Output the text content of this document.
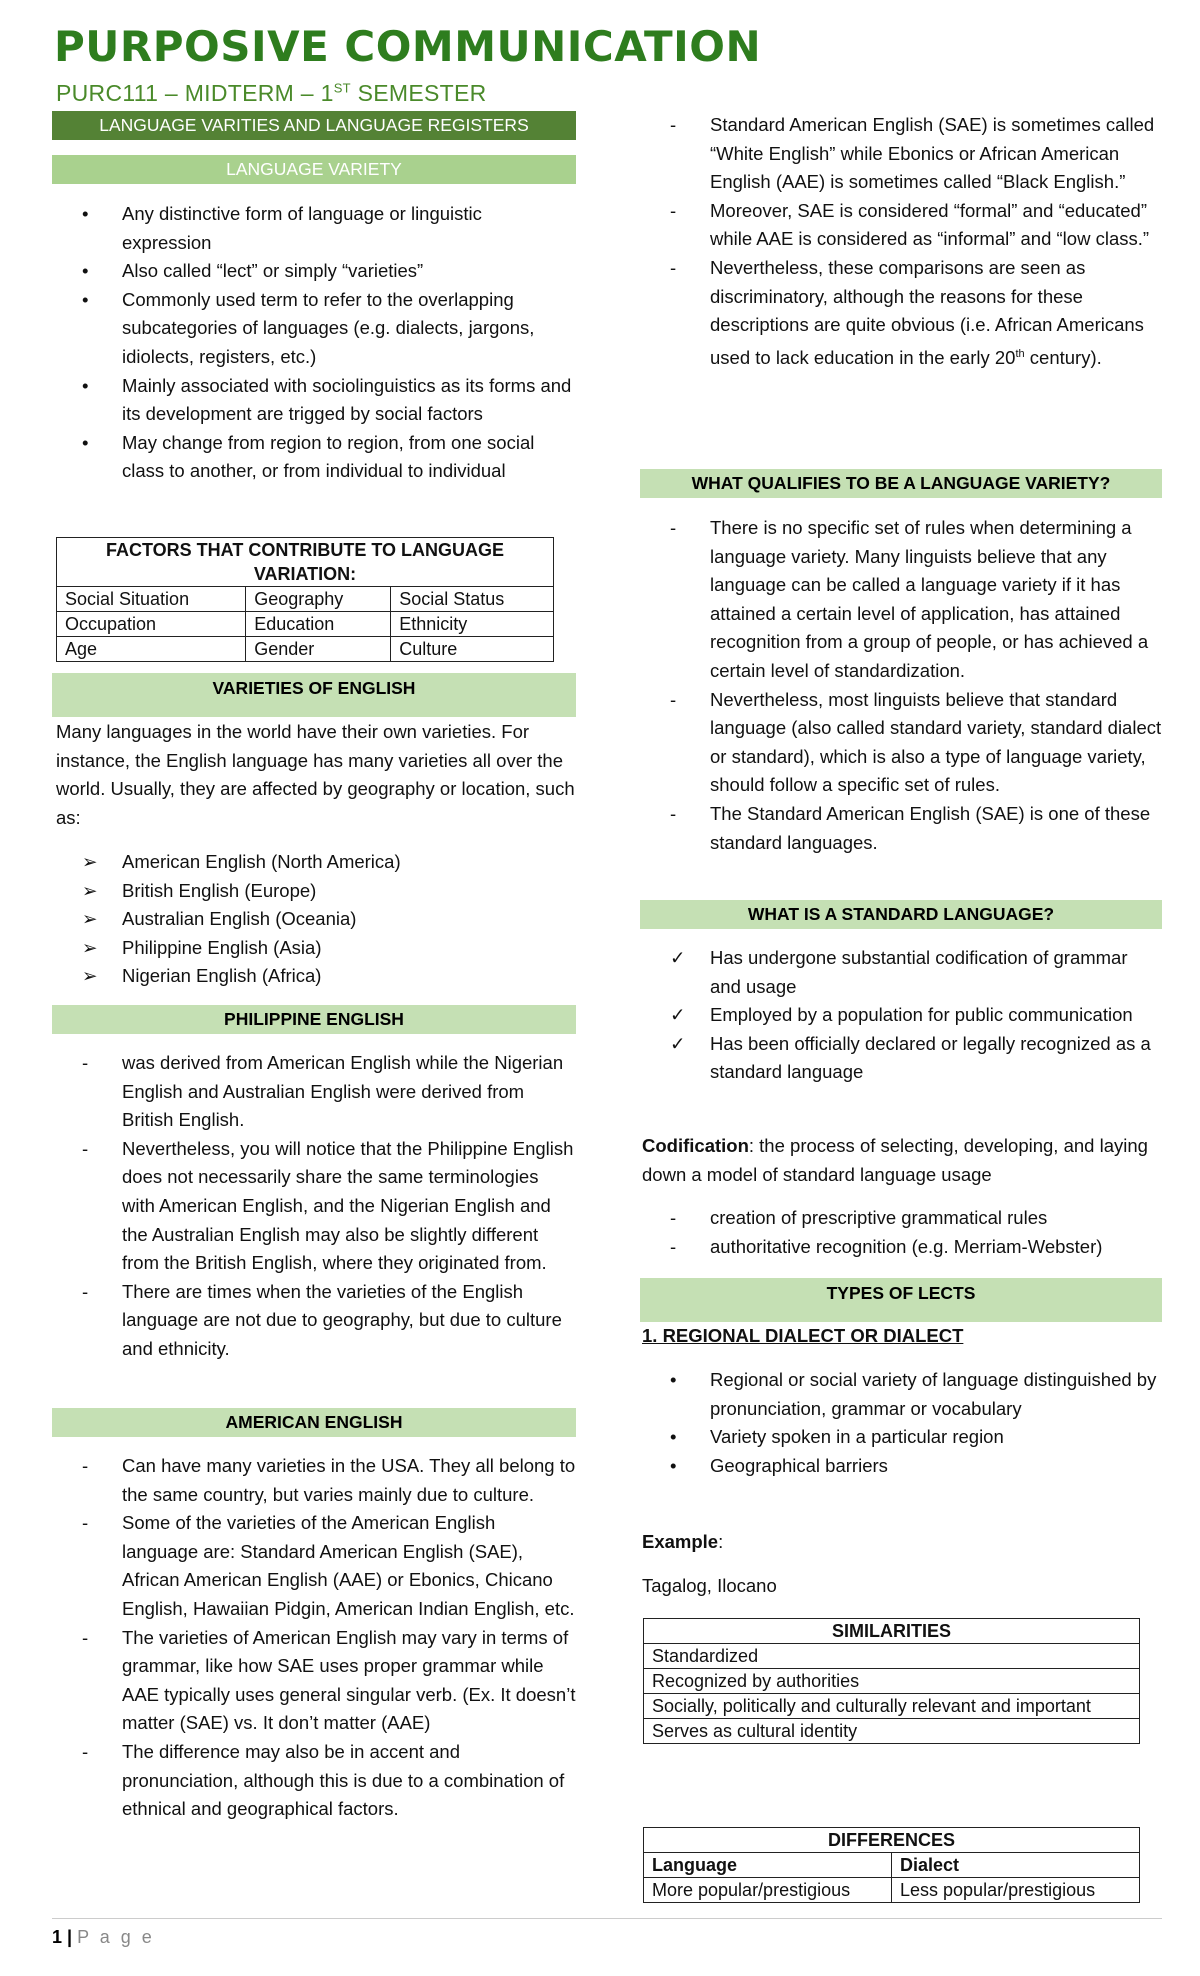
PURPOSIVE COMMUNICATION
PURC111 – MIDTERM – 1ST SEMESTER
LANGUAGE VARITIES AND LANGUAGE REGISTERS
LANGUAGE VARIETY
•	Any distinctive form of language or linguistic expression
•	Also called “lect” or simply “varieties”
•	Commonly used term to refer to the overlapping subcategories of languages (e.g. dialects, jargons, idiolects, registers, etc.)
•	Mainly associated with sociolinguistics as its forms and its development are trigged by social factors
•	May change from region to region, from one social class to another, or from individual to individual
FACTORS THAT CONTRIBUTE TO LANGUAGE VARIATION:		
Social Situation	Geography	Social Status
Occupation	Education	Ethnicity
Age	Gender	Culture
VARIETIES OF ENGLISH

Many languages in the world have their own varieties. For instance, the English language has many varieties all over the world. Usually, they are affected by geography or location, such as:

➢	American English (North America)
➢	British English (Europe)
➢	Australian English (Oceania)
➢	Philippine English (Asia)
➢	Nigerian English (Africa)
PHILIPPINE ENGLISH
-	was derived from American English while the Nigerian English and Australian English were derived from British English.
-	Nevertheless, you will notice that the Philippine English does not necessarily share the same terminologies with American English, and the Nigerian English and the Australian English may also be slightly different from the British English, where they originated from.
-	There are times when the varieties of the English language are not due to geography, but due to culture and ethnicity.
AMERICAN ENGLISH
-	Can have many varieties in the USA. They all belong to the same country, but varies mainly due to culture.
-	Some of the varieties of the American English language are: Standard American English (SAE), African American English (AAE) or Ebonics, Chicano English, Hawaiian Pidgin, American Indian English, etc.
-	The varieties of American English may vary in terms of grammar, like how SAE uses proper grammar while AAE typically uses general singular verb. (Ex. It doesn’t matter (SAE) vs. It don’t matter (AAE)
-	The difference may also be in accent and pronunciation, although this is due to a combination of ethnical and geographical factors.
-	Standard American English (SAE) is sometimes called “White English” while Ebonics or African American English (AAE) is sometimes called “Black English.”
-	Moreover, SAE is considered “formal” and “educated” while AAE is considered as “informal” and “low class.”
-	Nevertheless, these comparisons are seen as discriminatory, although the reasons for these descriptions are quite obvious (i.e. African Americans used to lack education in the early 20th century).
WHAT QUALIFIES TO BE A LANGUAGE VARIETY?
-	There is no specific set of rules when determining a language variety. Many linguists believe that any language can be called a language variety if it has attained a certain level of application, has attained recognition from a group of people, or has achieved a certain level of standardization.
-	Nevertheless, most linguists believe that standard language (also called standard variety, standard dialect or standard), which is also a type of language variety, should follow a specific set of rules.
-	The Standard American English (SAE) is one of these standard languages.
WHAT IS A STANDARD LANGUAGE?
✓	Has undergone substantial codification of grammar and usage
✓	Employed by a population for public communication
✓	Has been officially declared or legally recognized as a standard language

Codification: the process of selecting, developing, and laying down a model of standard language usage

-	creation of prescriptive grammatical rules
-	authoritative recognition (e.g. Merriam-Webster)
TYPES OF LECTS
1. REGIONAL DIALECT OR DIALECT
•	Regional or social variety of language distinguished by pronunciation, grammar or vocabulary
•	Variety spoken in a particular region
•	Geographical barriers
Example:
Tagalog, Ilocano
SIMILARITIES
Standardized
Recognized by authorities
Socially, politically and culturally relevant and important
Serves as cultural identity
DIFFERENCES	
Language	Dialect
More popular/prestigious	Less popular/prestigious
1 | P a g e
